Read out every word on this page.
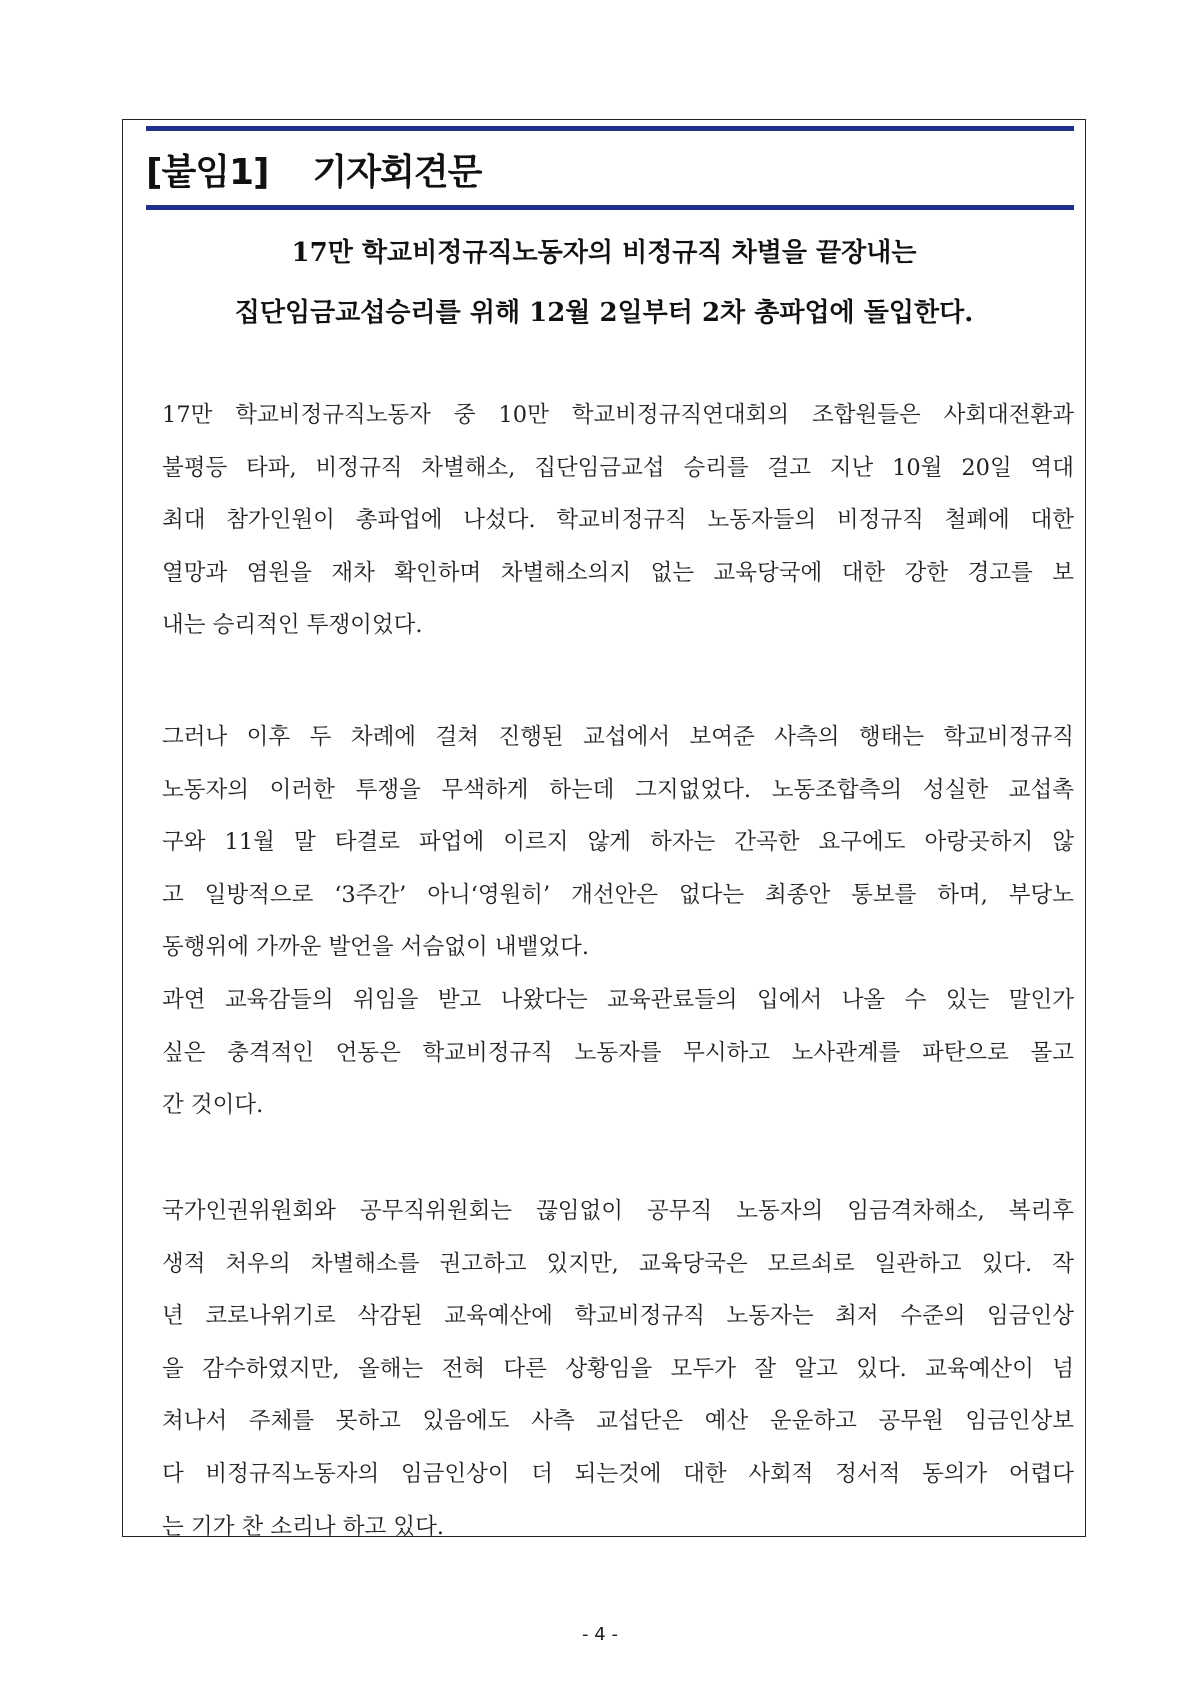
[붙임1] 기자회견문
17만 학교비정규직노동자의 비정규직 차별을 끝장내는
집단임금교섭승리를 위해 12월 2일부터 2차 총파업에 돌입한다.
17만 학교비정규직노동자 중 10만 학교비정규직연대회의 조합원들은 사회대전환과
불평등 타파, 비정규직 차별해소, 집단임금교섭 승리를 걸고 지난 10월 20일 역대
최대 참가인원이 총파업에 나섰다. 학교비정규직 노동자들의 비정규직 철폐에 대한
열망과 염원을 재차 확인하며 차별해소의지 없는 교육당국에 대한 강한 경고를 보
내는 승리적인 투쟁이었다.
그러나 이후 두 차례에 걸쳐 진행된 교섭에서 보여준 사측의 행태는 학교비정규직
노동자의 이러한 투쟁을 무색하게 하는데 그지없었다. 노동조합측의 성실한 교섭촉
구와 11월 말 타결로 파업에 이르지 않게 하자는 간곡한 요구에도 아랑곳하지 않
고 일방적으로 ‘3주간’ 아니‘영원히’ 개선안은 없다는 최종안 통보를 하며, 부당노
동행위에 가까운 발언을 서슴없이 내뱉었다.
과연 교육감들의 위임을 받고 나왔다는 교육관료들의 입에서 나올 수 있는 말인가
싶은 충격적인 언동은 학교비정규직 노동자를 무시하고 노사관계를 파탄으로 몰고
간 것이다.
국가인권위원회와 공무직위원회는 끊임없이 공무직 노동자의 임금격차해소, 복리후
생적 처우의 차별해소를 권고하고 있지만, 교육당국은 모르쇠로 일관하고 있다. 작
년 코로나위기로 삭감된 교육예산에 학교비정규직 노동자는 최저 수준의 임금인상
을 감수하였지만, 올해는 전혀 다른 상황임을 모두가 잘 알고 있다. 교육예산이 넘
쳐나서 주체를 못하고 있음에도 사측 교섭단은 예산 운운하고 공무원 임금인상보
다 비정규직노동자의 임금인상이 더 되는것에 대한 사회적 정서적 동의가 어렵다
는 기가 찬 소리나 하고 있다.
- 4 -
